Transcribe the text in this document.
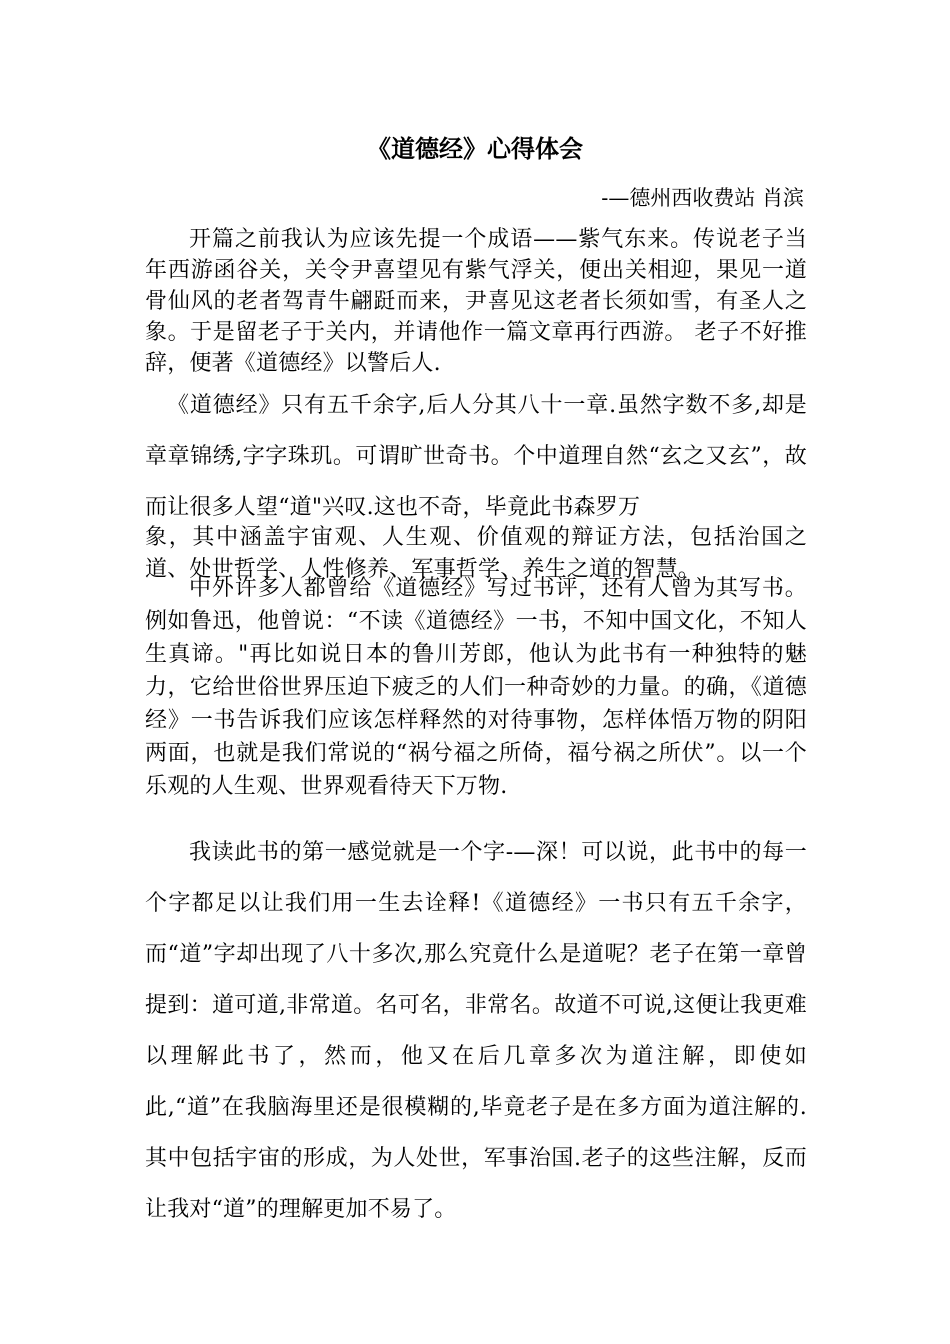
《道德经》心得体会

-—德州西收费站 肖滨

开篇之前我认为应该先提一个成语——紫气东来。传说老子当年西游函谷关，关令尹喜望见有紫气浮关，便出关相迎，果见一道骨仙风的老者驾青牛翩跹而来，尹喜见这老者长须如雪，有圣人之象。于是留老子于关内，并请他作一篇文章再行西游。 老子不好推辞，便著《道德经》以警后人.

《道德经》只有五千余字,后人分其八十一章.虽然字数不多,却是章章锦绣,字字珠玑。可谓旷世奇书。个中道理自然“玄之又玄”，故而让很多人望“道"兴叹.这也不奇，毕竟此书森罗万

象，其中涵盖宇宙观、人生观、价值观的辩证方法，包括治国之道、处世哲学、人性修养、军事哲学、养生之道的智慧。

中外许多人都曾给《道德经》写过书评，还有人曾为其写书。例如鲁迅，他曾说：“不读《道德经》一书，不知中国文化，不知人生真谛。"再比如说日本的鲁川芳郎，他认为此书有一种独特的魅力，它给世俗世界压迫下疲乏的人们一种奇妙的力量。的确，《道德经》一书告诉我们应该怎样释然的对待事物，怎样体悟万物的阴阳两面，也就是我们常说的“祸兮福之所倚，福兮祸之所伏”。以一个乐观的人生观、世界观看待天下万物.

我读此书的第一感觉就是一个字-—深！可以说，此书中的每一个字都足以让我们用一生去诠释!《道德经》一书只有五千余字，而“道”字却出现了八十多次,那么究竟什么是道呢？老子在第一章曾提到：道可道,非常道。名可名，非常名。故道不可说,这便让我更难以理解此书了，然而，他又在后几章多次为道注解，即使如此,“道”在我脑海里还是很模糊的,毕竟老子是在多方面为道注解的.其中包括宇宙的形成，为人处世，军事治国.老子的这些注解，反而让我对“道”的理解更加不易了。
